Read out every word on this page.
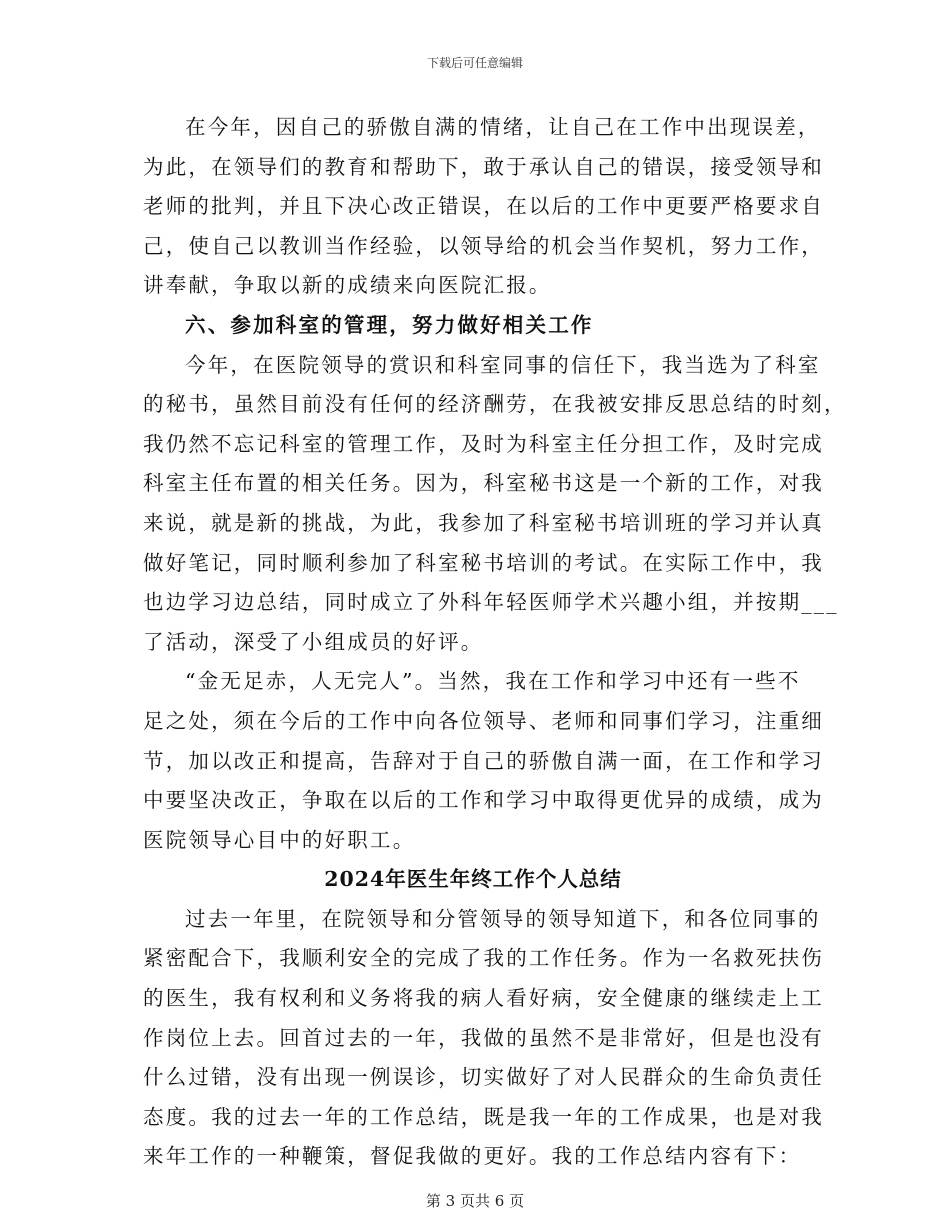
下载后可任意编辑
在今年，因自己的骄傲自满的情绪，让自己在工作中出现误差，
为此，在领导们的教育和帮助下，敢于承认自己的错误，接受领导和
老师的批判，并且下决心改正错误，在以后的工作中更要严格要求自
己，使自己以教训当作经验，以领导给的机会当作契机，努力工作，
讲奉献，争取以新的成绩来向医院汇报。
六、参加科室的管理，努力做好相关工作
今年，在医院领导的赏识和科室同事的信任下，我当选为了科室
的秘书，虽然目前没有任何的经济酬劳，在我被安排反思总结的时刻，
我仍然不忘记科室的管理工作，及时为科室主任分担工作，及时完成
科室主任布置的相关任务。因为，科室秘书这是一个新的工作，对我
来说，就是新的挑战，为此，我参加了科室秘书培训班的学习并认真
做好笔记，同时顺利参加了科室秘书培训的考试。在实际工作中，我
也边学习边总结，同时成立了外科年轻医师学术兴趣小组，并按期___
了活动，深受了小组成员的好评。
“金无足赤，人无完人”。当然，我在工作和学习中还有一些不
足之处，须在今后的工作中向各位领导、老师和同事们学习，注重细
节，加以改正和提高，告辞对于自己的骄傲自满一面，在工作和学习
中要坚决改正，争取在以后的工作和学习中取得更优异的成绩，成为
医院领导心目中的好职工。
2024年医生年终工作个人总结
过去一年里，在院领导和分管领导的领导知道下，和各位同事的
紧密配合下，我顺利安全的完成了我的工作任务。作为一名救死扶伤
的医生，我有权利和义务将我的病人看好病，安全健康的继续走上工
作岗位上去。回首过去的一年，我做的虽然不是非常好，但是也没有
什么过错，没有出现一例误诊，切实做好了对人民群众的生命负责任
态度。我的过去一年的工作总结，既是我一年的工作成果，也是对我
来年工作的一种鞭策，督促我做的更好。我的工作总结内容有下：
第 3 页共 6 页
